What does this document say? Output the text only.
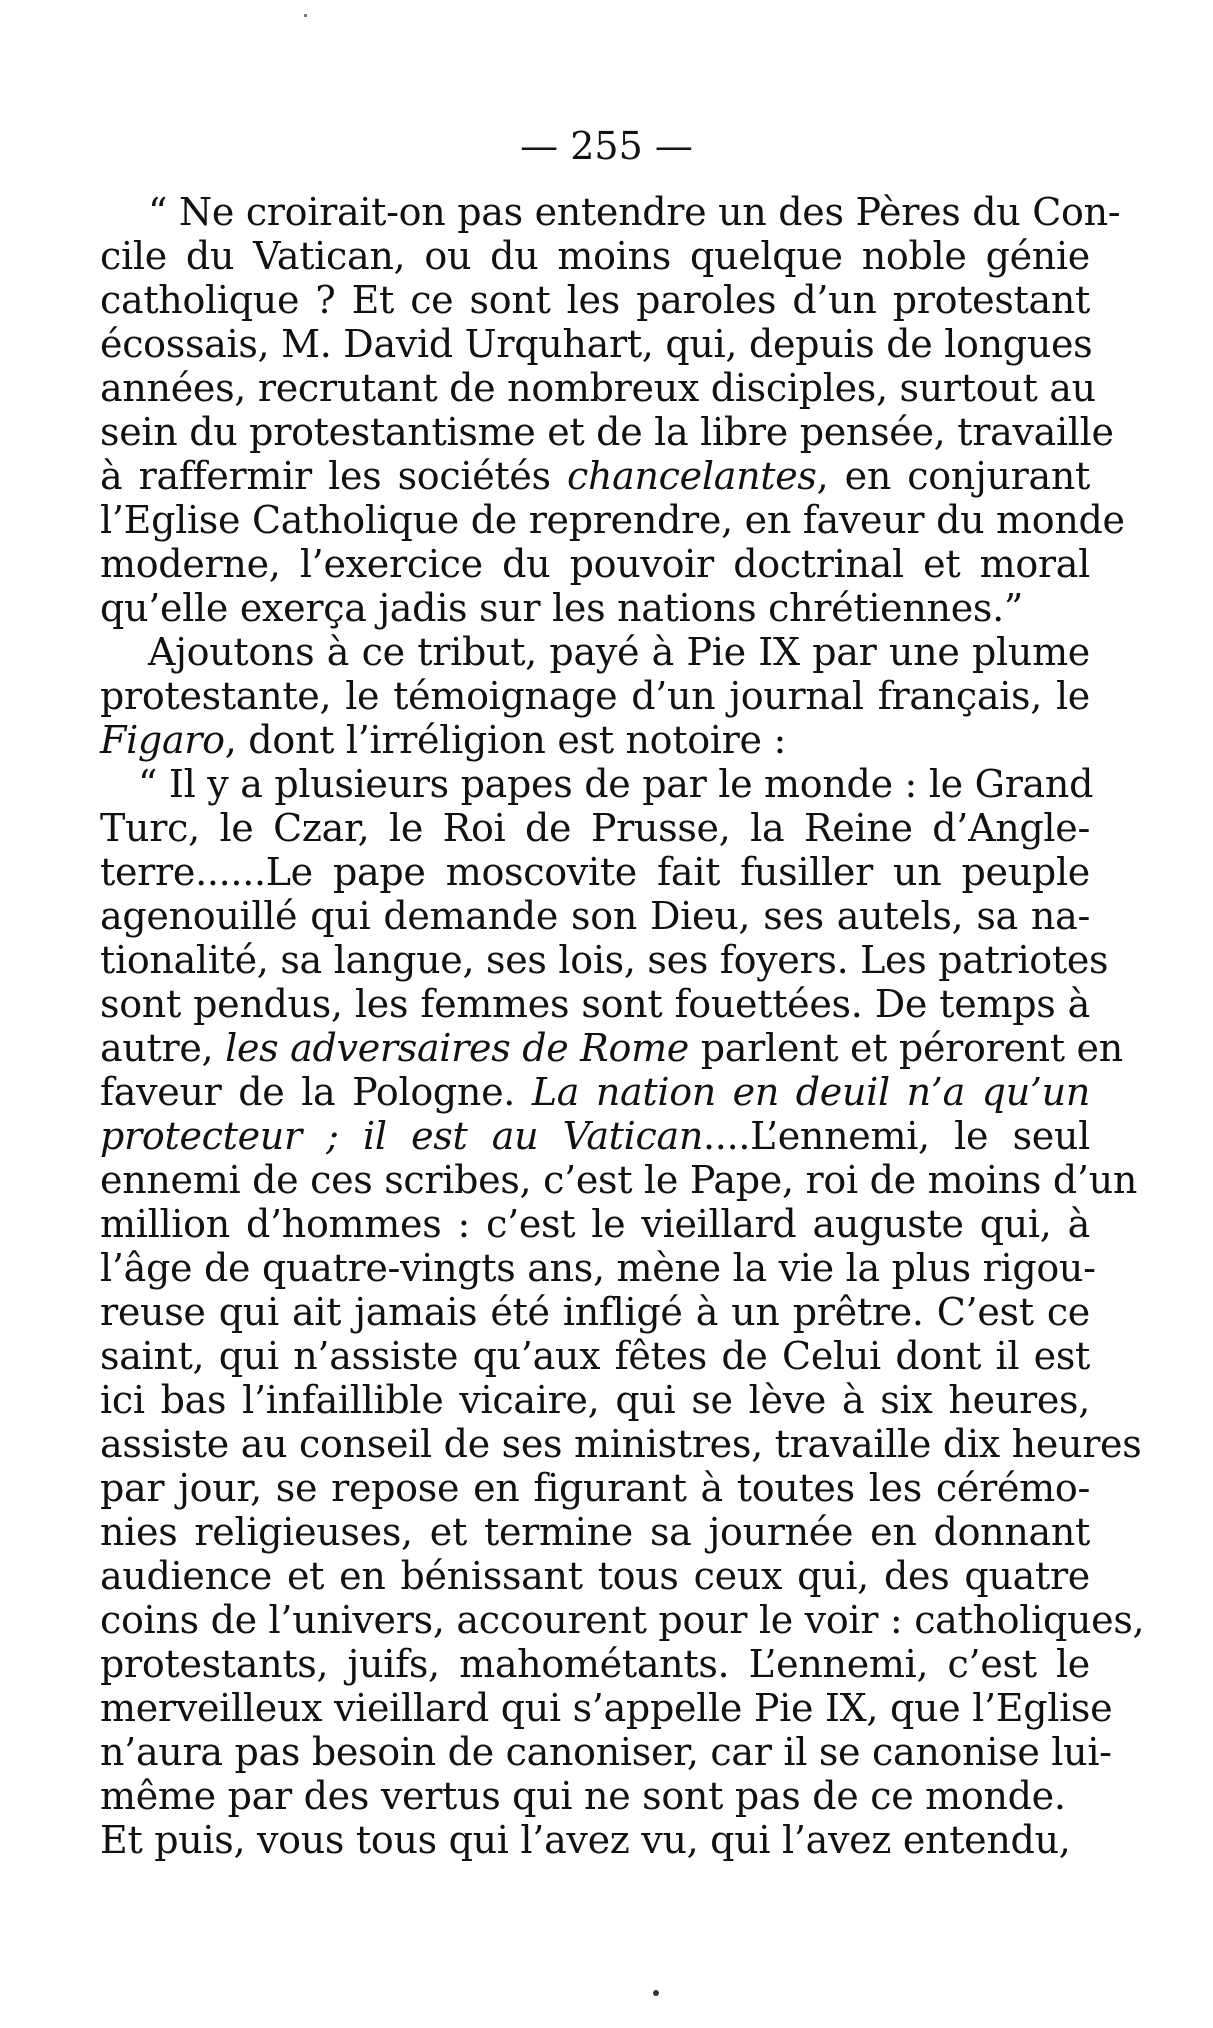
— 255 —
“ Ne croirait-on pas entendre un des Pères du Con-
cile du Vatican, ou du moins quelque noble génie
catholique ? Et ce sont les paroles d’un protestant
écossais, M. David Urquhart, qui, depuis de longues
années, recrutant de nombreux disciples, surtout au
sein du protestantisme et de la libre pensée, travaille
à raffermir les sociétés chancelantes, en conjurant
l’Eglise Catholique de reprendre, en faveur du monde
moderne, l’exercice du pouvoir doctrinal et moral
qu’elle exerça jadis sur les nations chrétiennes.”
Ajoutons à ce tribut, payé à Pie IX par une plume
protestante, le témoignage d’un journal français, le
Figaro, dont l’irréligion est notoire :
“ Il y a plusieurs papes de par le monde : le Grand
Turc, le Czar, le Roi de Prusse, la Reine d’Angle-
terre......Le pape moscovite fait fusiller un peuple
agenouillé qui demande son Dieu, ses autels, sa na-
tionalité, sa langue, ses lois, ses foyers. Les patriotes
sont pendus, les femmes sont fouettées. De temps à
autre, les adversaires de Rome parlent et pérorent en
faveur de la Pologne. La nation en deuil n’a qu’un
protecteur ; il est au Vatican....L’ennemi, le seul
ennemi de ces scribes, c’est le Pape, roi de moins d’un
million d’hommes : c’est le vieillard auguste qui, à
l’âge de quatre-vingts ans, mène la vie la plus rigou-
reuse qui ait jamais été infligé à un prêtre. C’est ce
saint, qui n’assiste qu’aux fêtes de Celui dont il est
ici bas l’infaillible vicaire, qui se lève à six heures,
assiste au conseil de ses ministres, travaille dix heures
par jour, se repose en figurant à toutes les cérémo-
nies religieuses, et termine sa journée en donnant
audience et en bénissant tous ceux qui, des quatre
coins de l’univers, accourent pour le voir : catholiques,
protestants, juifs, mahométants. L’ennemi, c’est le
merveilleux vieillard qui s’appelle Pie IX, que l’Eglise
n’aura pas besoin de canoniser, car il se canonise lui-
même par des vertus qui ne sont pas de ce monde.
Et puis, vous tous qui l’avez vu, qui l’avez entendu,
